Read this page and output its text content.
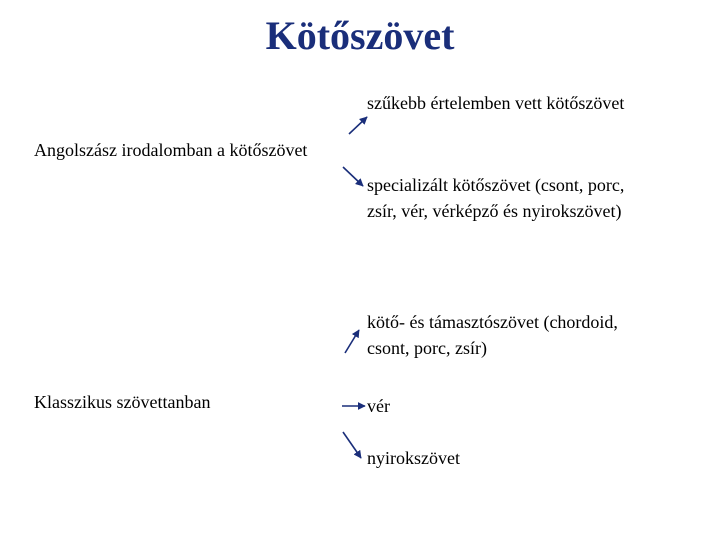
Kötőszövet
Angolszász irodalomban a kötőszövet
Klasszikus szövettanban
szűkebb értelemben vett kötőszövet
specializált kötőszövet (csont, porc,
zsír, vér, vérképző és nyirokszövet)
kötő- és támasztószövet (chordoid,
csont, porc, zsír)
vér
nyirokszövet
